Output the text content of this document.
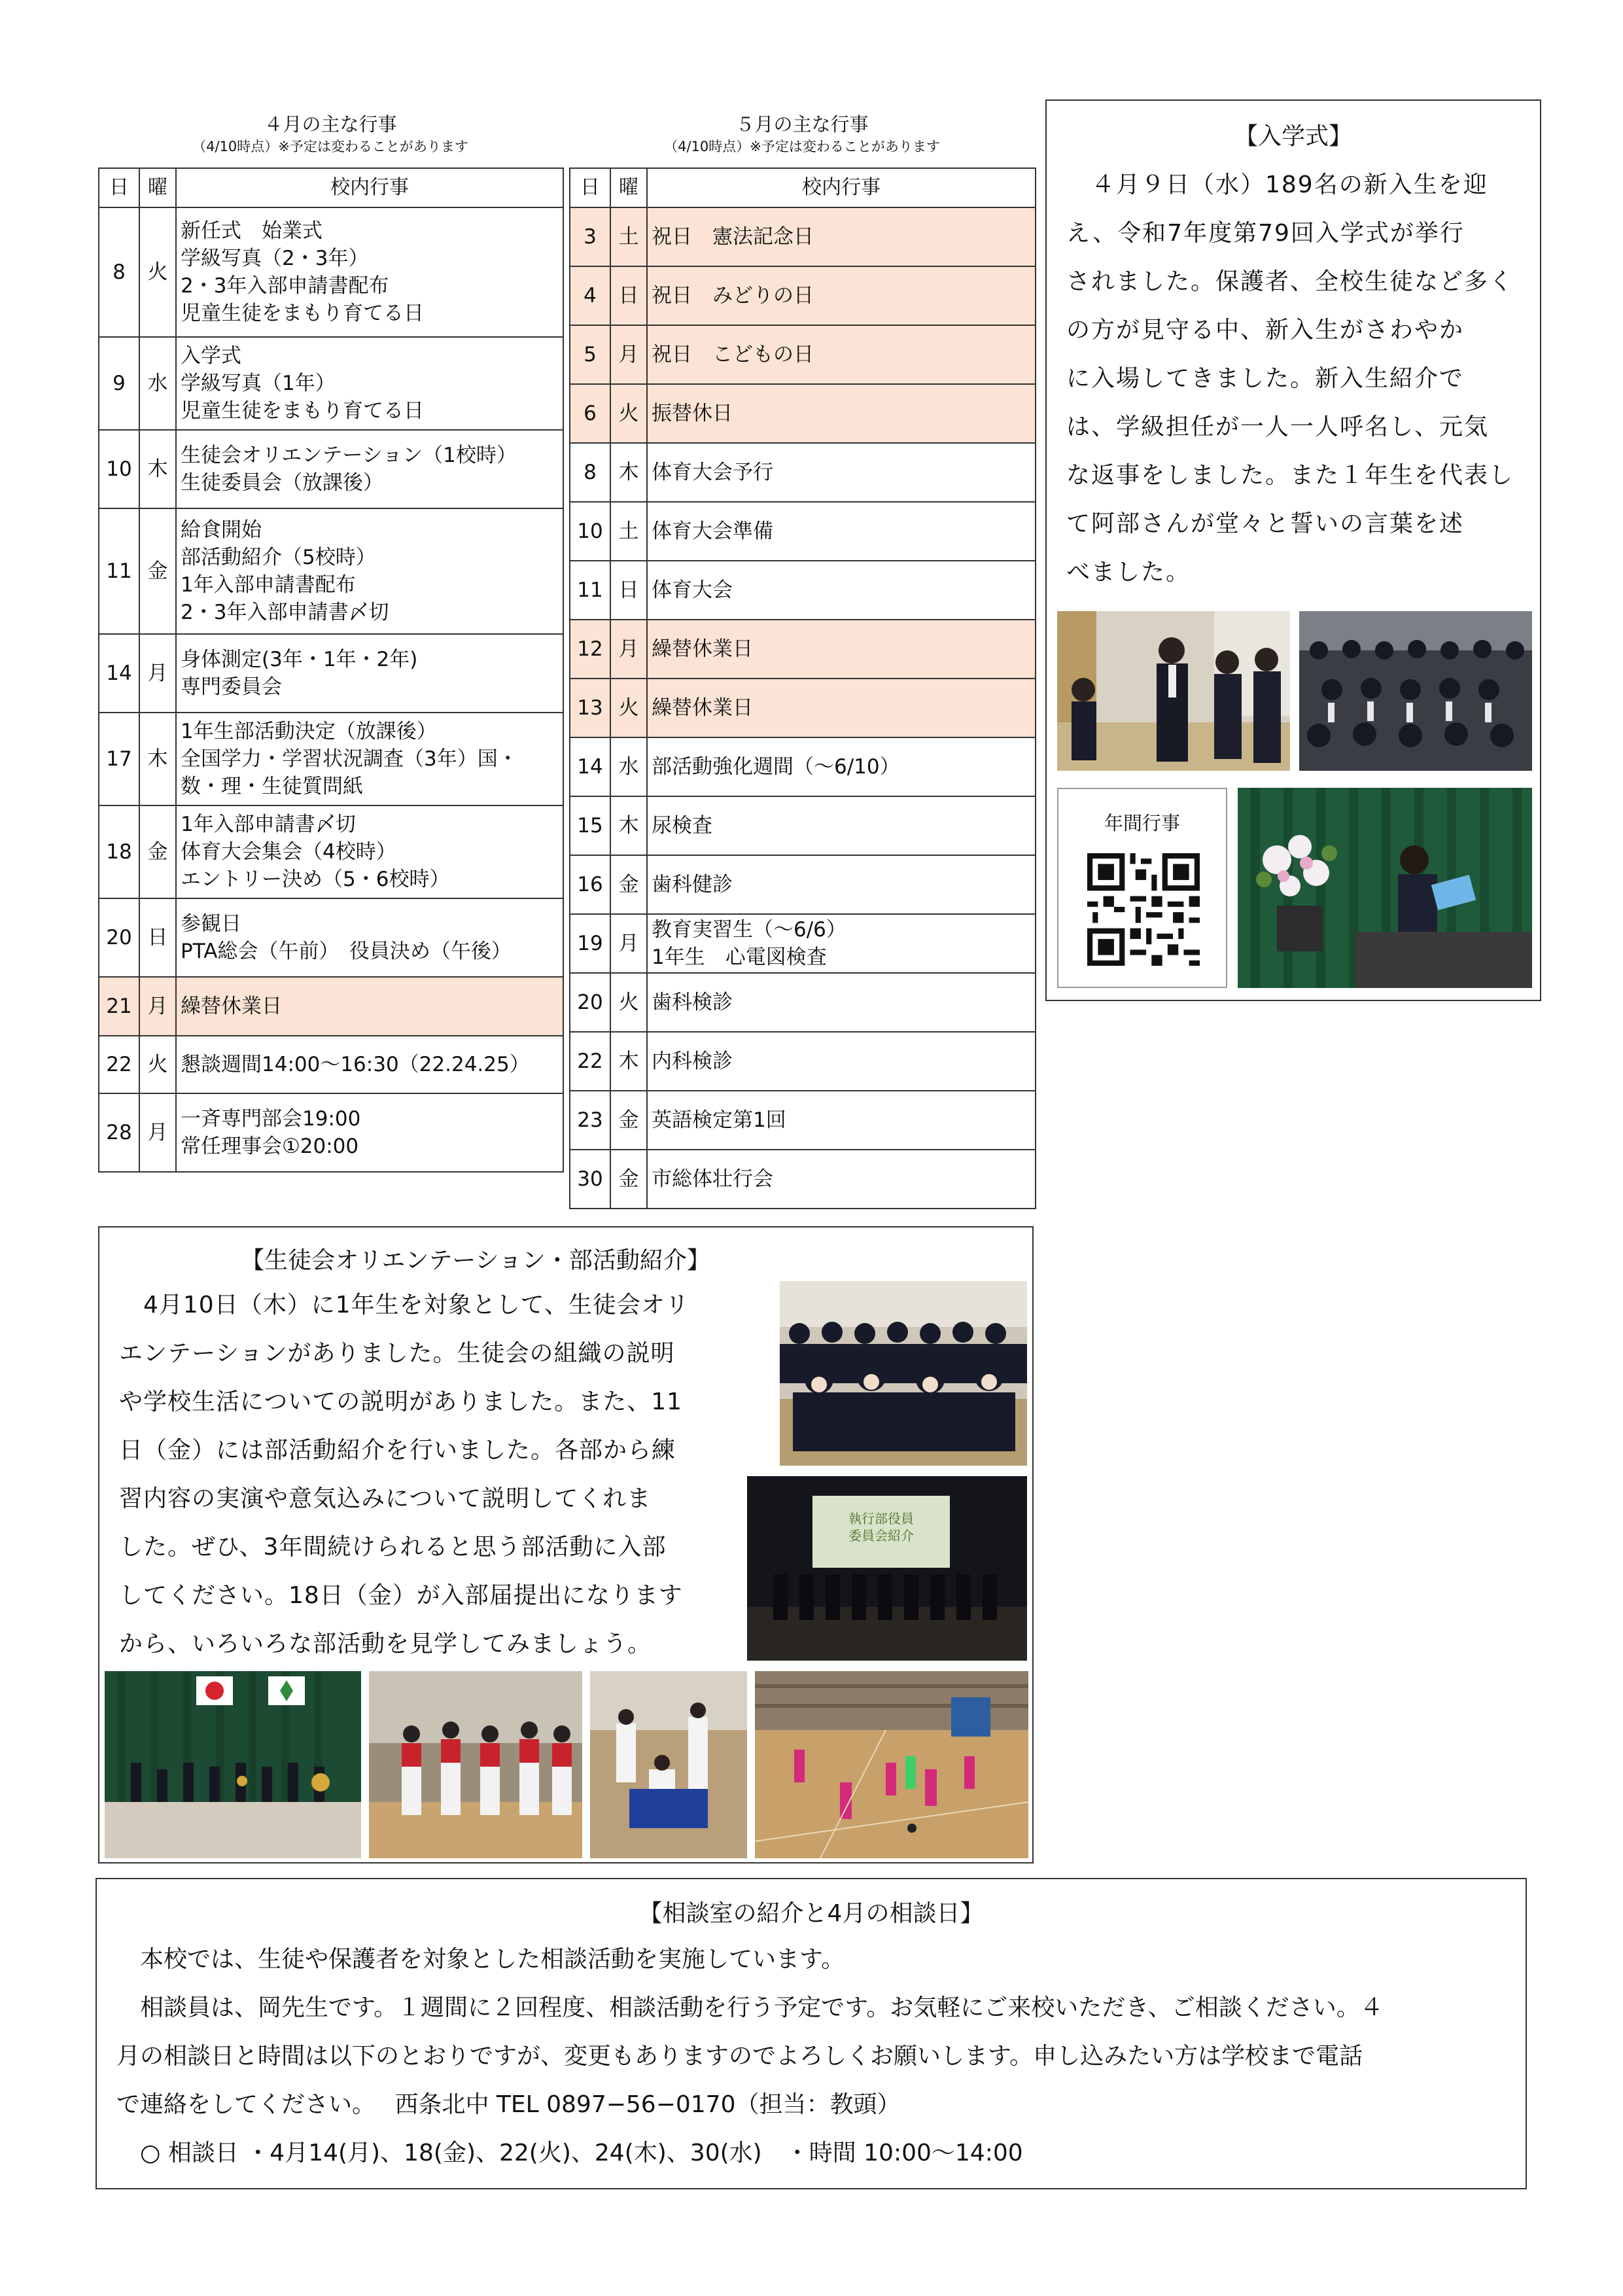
４月の主な行事
（4/10時点）※予定は変わることがあります
日	曜	校内行事
8	火	新任式　始業式
学級写真（2・3年）
2・3年入部申請書配布
児童生徒をまもり育てる日

9	水	入学式
学級写真（1年）
児童生徒をまもり育てる日

10	木	生徒会オリエンテーション（1校時）
生徒委員会（放課後）

11	金	給食開始
部活動紹介（5校時）
1年入部申請書配布
2・3年入部申請書〆切

14	月	身体測定(3年・1年・2年)
専門委員会

17	木	1年生部活動決定（放課後）
全国学力・学習状況調査（3年）国・
数・理・生徒質問紙

18	金	1年入部申請書〆切
体育大会集会（4校時）
エントリー決め（5・6校時）

20	日	参観日
PTA総会（午前）　役員決め（午後）

21	月	繰替休業日

22	火	懇談週間14:00～16:30（22.24.25）

28	月	一斉専門部会19:00
常任理事会①20:00
５月の主な行事
（4/10時点）※予定は変わることがあります
日	曜	校内行事
3	土	祝日　憲法記念日

4	日	祝日　みどりの日

5	月	祝日　こどもの日

6	火	振替休日

8	木	体育大会予行

10	土	体育大会準備

11	日	体育大会

12	月	繰替休業日

13	火	繰替休業日

14	水	部活動強化週間（～6/10）

15	木	尿検査

16	金	歯科健診

19	月	教育実習生（～6/6）
1年生　心電図検査

20	火	歯科検診

22	木	内科検診

23	金	英語検定第1回

30	金	市総体壮行会
【入学式】
　４月９日（水）189名の新入生を迎
え、令和7年度第79回入学式が挙行
されました。保護者、全校生徒など多く
の方が見守る中、新入生がさわやか
に入場してきました。新入生紹介で
は、学級担任が一人一人呼名し、元気
な返事をしました。また１年生を代表し
て阿部さんが堂々と誓いの言葉を述
べました。
年間行事
【生徒会オリエンテーション・部活動紹介】
　4月10日（木）に1年生を対象として、生徒会オリ
エンテーションがありました。生徒会の組織の説明
や学校生活についての説明がありました。また、11
日（金）には部活動紹介を行いました。各部から練
習内容の実演や意気込みについて説明してくれま
した。ぜひ、3年間続けられると思う部活動に入部
してください。18日（金）が入部届提出になります
から、いろいろな部活動を見学してみましょう。
執行部役員
委員会紹介
【相談室の紹介と4月の相談日】
　本校では、生徒や保護者を対象とした相談活動を実施しています。
　相談員は、岡先生です。１週間に２回程度、相談活動を行う予定です。お気軽にご来校いただき、ご相談ください。４
月の相談日と時間は以下のとおりですが、変更もありますのでよろしくお願いします。申し込みたい方は学校まで電話
で連絡をしてください。　 西条北中 TEL 0897−56−0170（担当：教頭）
　○ 相談日 ・4月14(月)、18(金)、22(火)、24(木)、30(水)　・時間 10:00〜14:00
